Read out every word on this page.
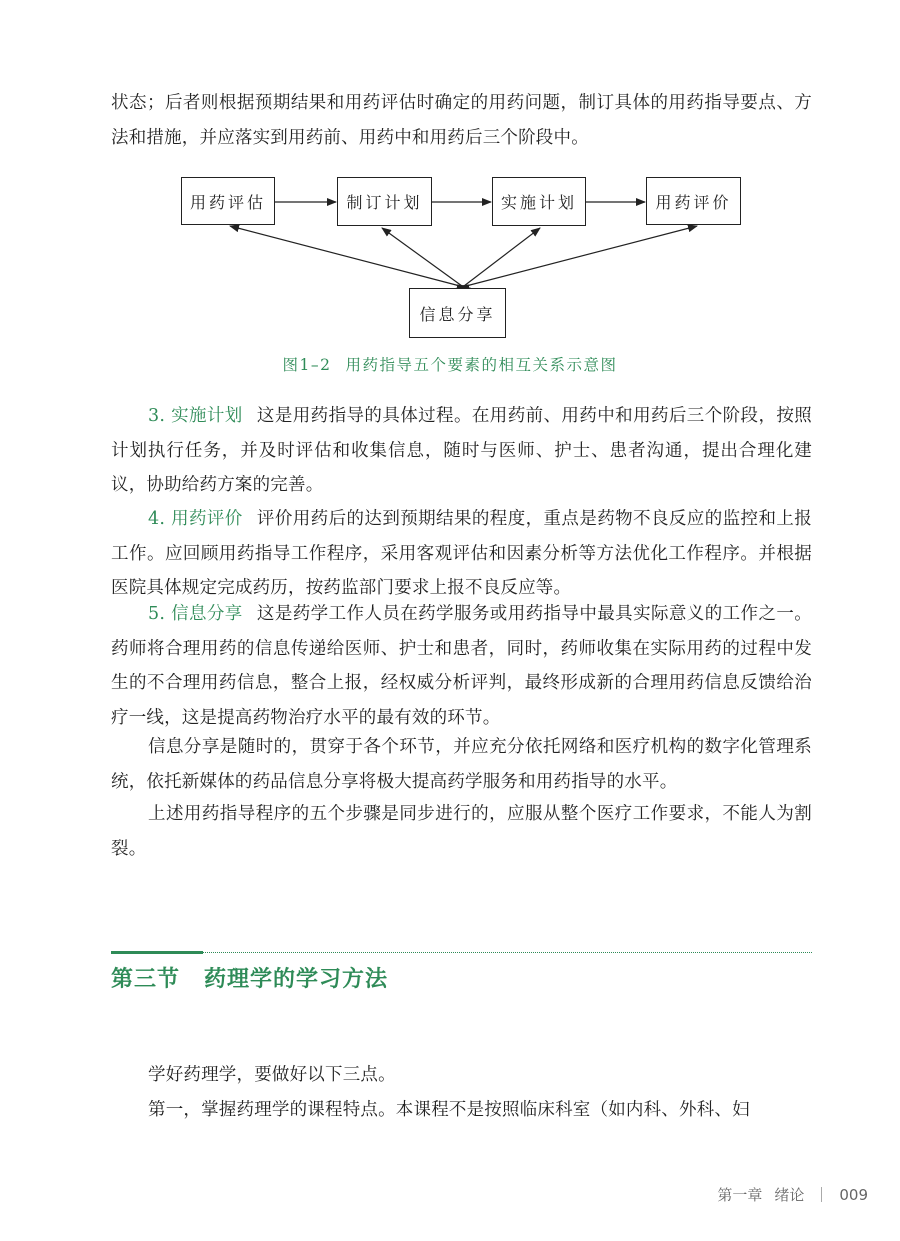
状态；后者则根据预期结果和用药评估时确定的用药问题，制订具体的用药指导要点、方法和措施，并应落实到用药前、用药中和用药后三个阶段中。

用药评估	制订计划	实施计划	用药评价
信息分享
图1–2 用药指导五个要素的相互关系示意图

3. 实施计划 这是用药指导的具体过程。在用药前、用药中和用药后三个阶段，按照计划执行任务，并及时评估和收集信息，随时与医师、护士、患者沟通，提出合理化建议，协助给药方案的完善。

4. 用药评价 评价用药后的达到预期结果的程度，重点是药物不良反应的监控和上报工作。应回顾用药指导工作程序，采用客观评估和因素分析等方法优化工作程序。并根据医院具体规定完成药历，按药监部门要求上报不良反应等。

5. 信息分享 这是药学工作人员在药学服务或用药指导中最具实际意义的工作之一。药师将合理用药的信息传递给医师、护士和患者，同时，药师收集在实际用药的过程中发生的不合理用药信息，整合上报，经权威分析评判，最终形成新的合理用药信息反馈给治疗一线，这是提高药物治疗水平的最有效的环节。

信息分享是随时的，贯穿于各个环节，并应充分依托网络和医疗机构的数字化管理系统，依托新媒体的药品信息分享将极大提高药学服务和用药指导的水平。

上述用药指导程序的五个步骤是同步进行的，应服从整个医疗工作要求，不能人为割裂。

第三节 药理学的学习方法

学好药理学，要做好以下三点。

第一，掌握药理学的课程特点。本课程不是按照临床科室（如内科、外科、妇

第一章 绪论 009
